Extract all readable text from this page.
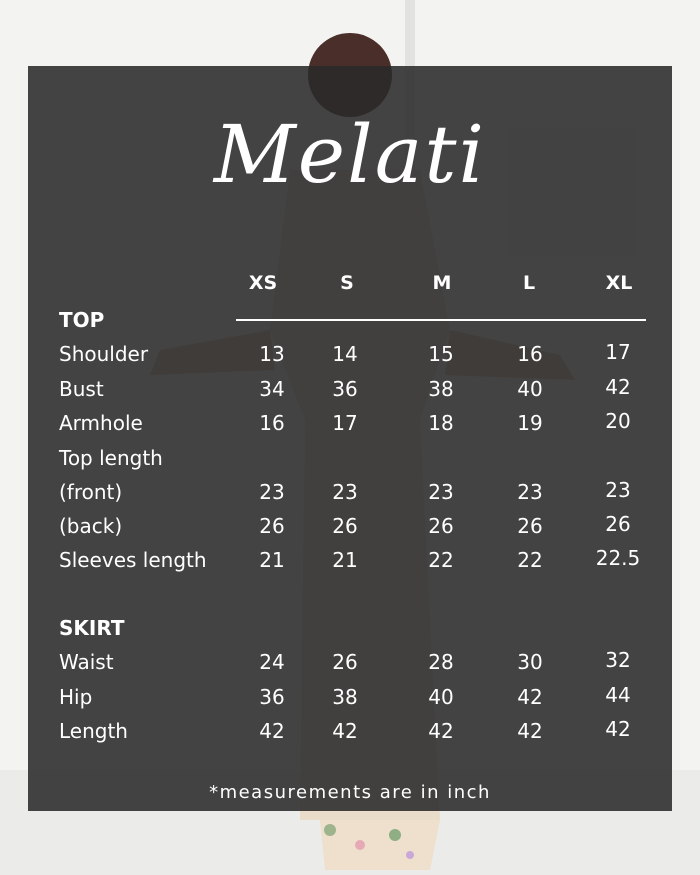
Melati
XS	S	M	L	XL
TOP
Shoulder	13	14	15	16	17
Bust	34	36	38	40	42
Armhole	16	17	18	19	20
Top length
(front)	23	23	23	23	23
(back)	26	26	26	26	26
Sleeves length	21	21	22	22	22.5
SKIRT
Waist	24	26	28	30	32
Hip	36	38	40	42	44
Length	42	42	42	42	42
*measurements are in inch
